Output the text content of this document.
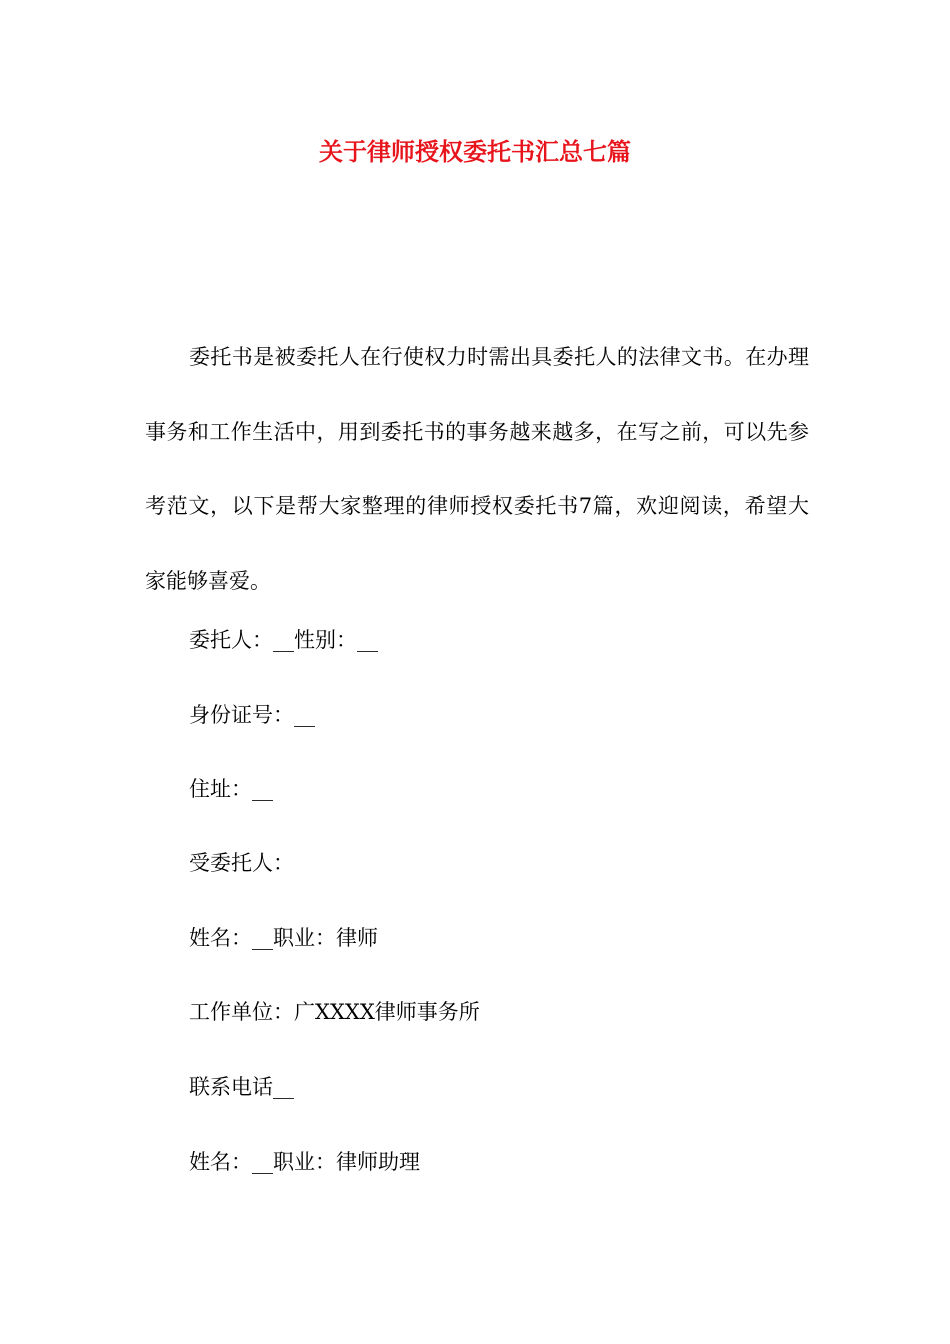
关于律师授权委托书汇总七篇

委托书是被委托人在行使权力时需出具委托人的法律文书。在办理事务和工作生活中，用到委托书的事务越来越多，在写之前，可以先参考范文，以下是帮大家整理的律师授权委托书7篇，欢迎阅读，希望大家能够喜爱。

委托人：__性别：__
身份证号：__
住址：__
受委托人：
姓名：__职业：律师
工作单位：广XXXX律师事务所
联系电话__
姓名：__职业：律师助理
